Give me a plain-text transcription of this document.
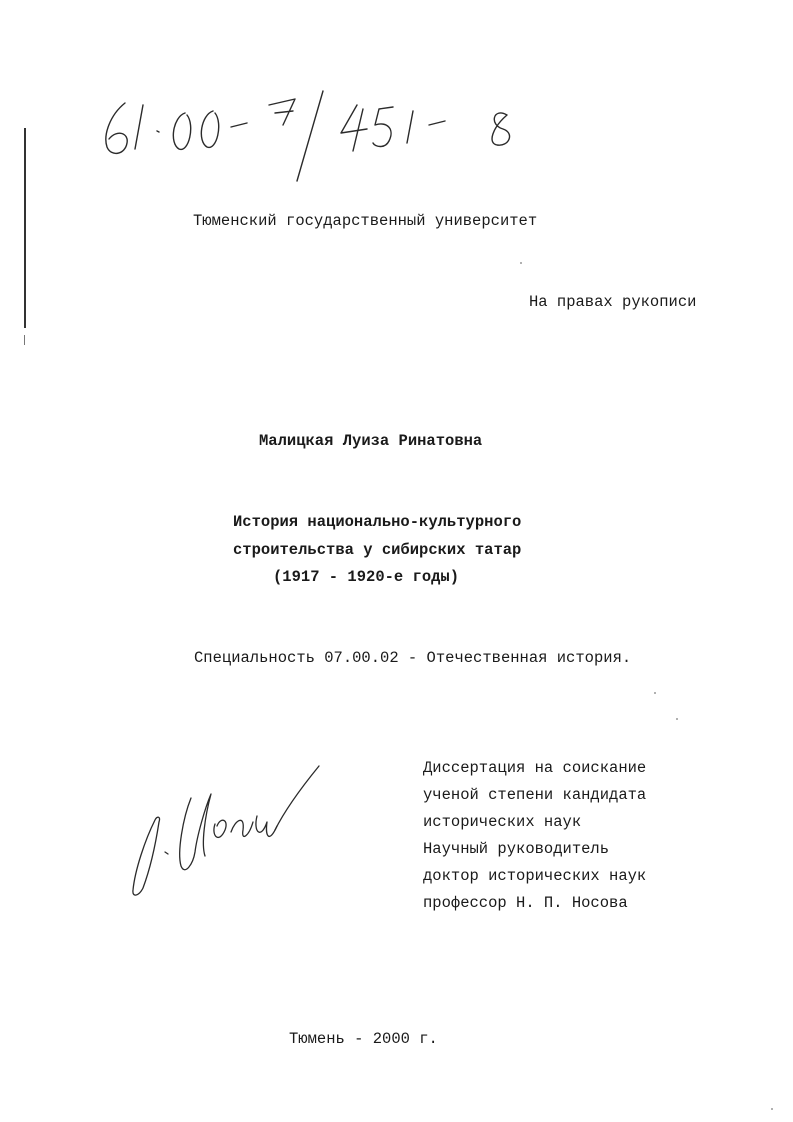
61 · 00 - 7 / 45 1 - 8
Тюменский государственный университет
На правах рукописи
Малицкая Луиза Ринатовна
История национально-культурного
строительства у сибирских татар
(1917 - 1920-е годы)
Специальность 07.00.02 - Отечественная история.
Диссертация на соискание
ученой степени кандидата
исторических наук
Научный руководитель
доктор исторических наук
профессор Н. П. Носова
Тюмень - 2000 г.
